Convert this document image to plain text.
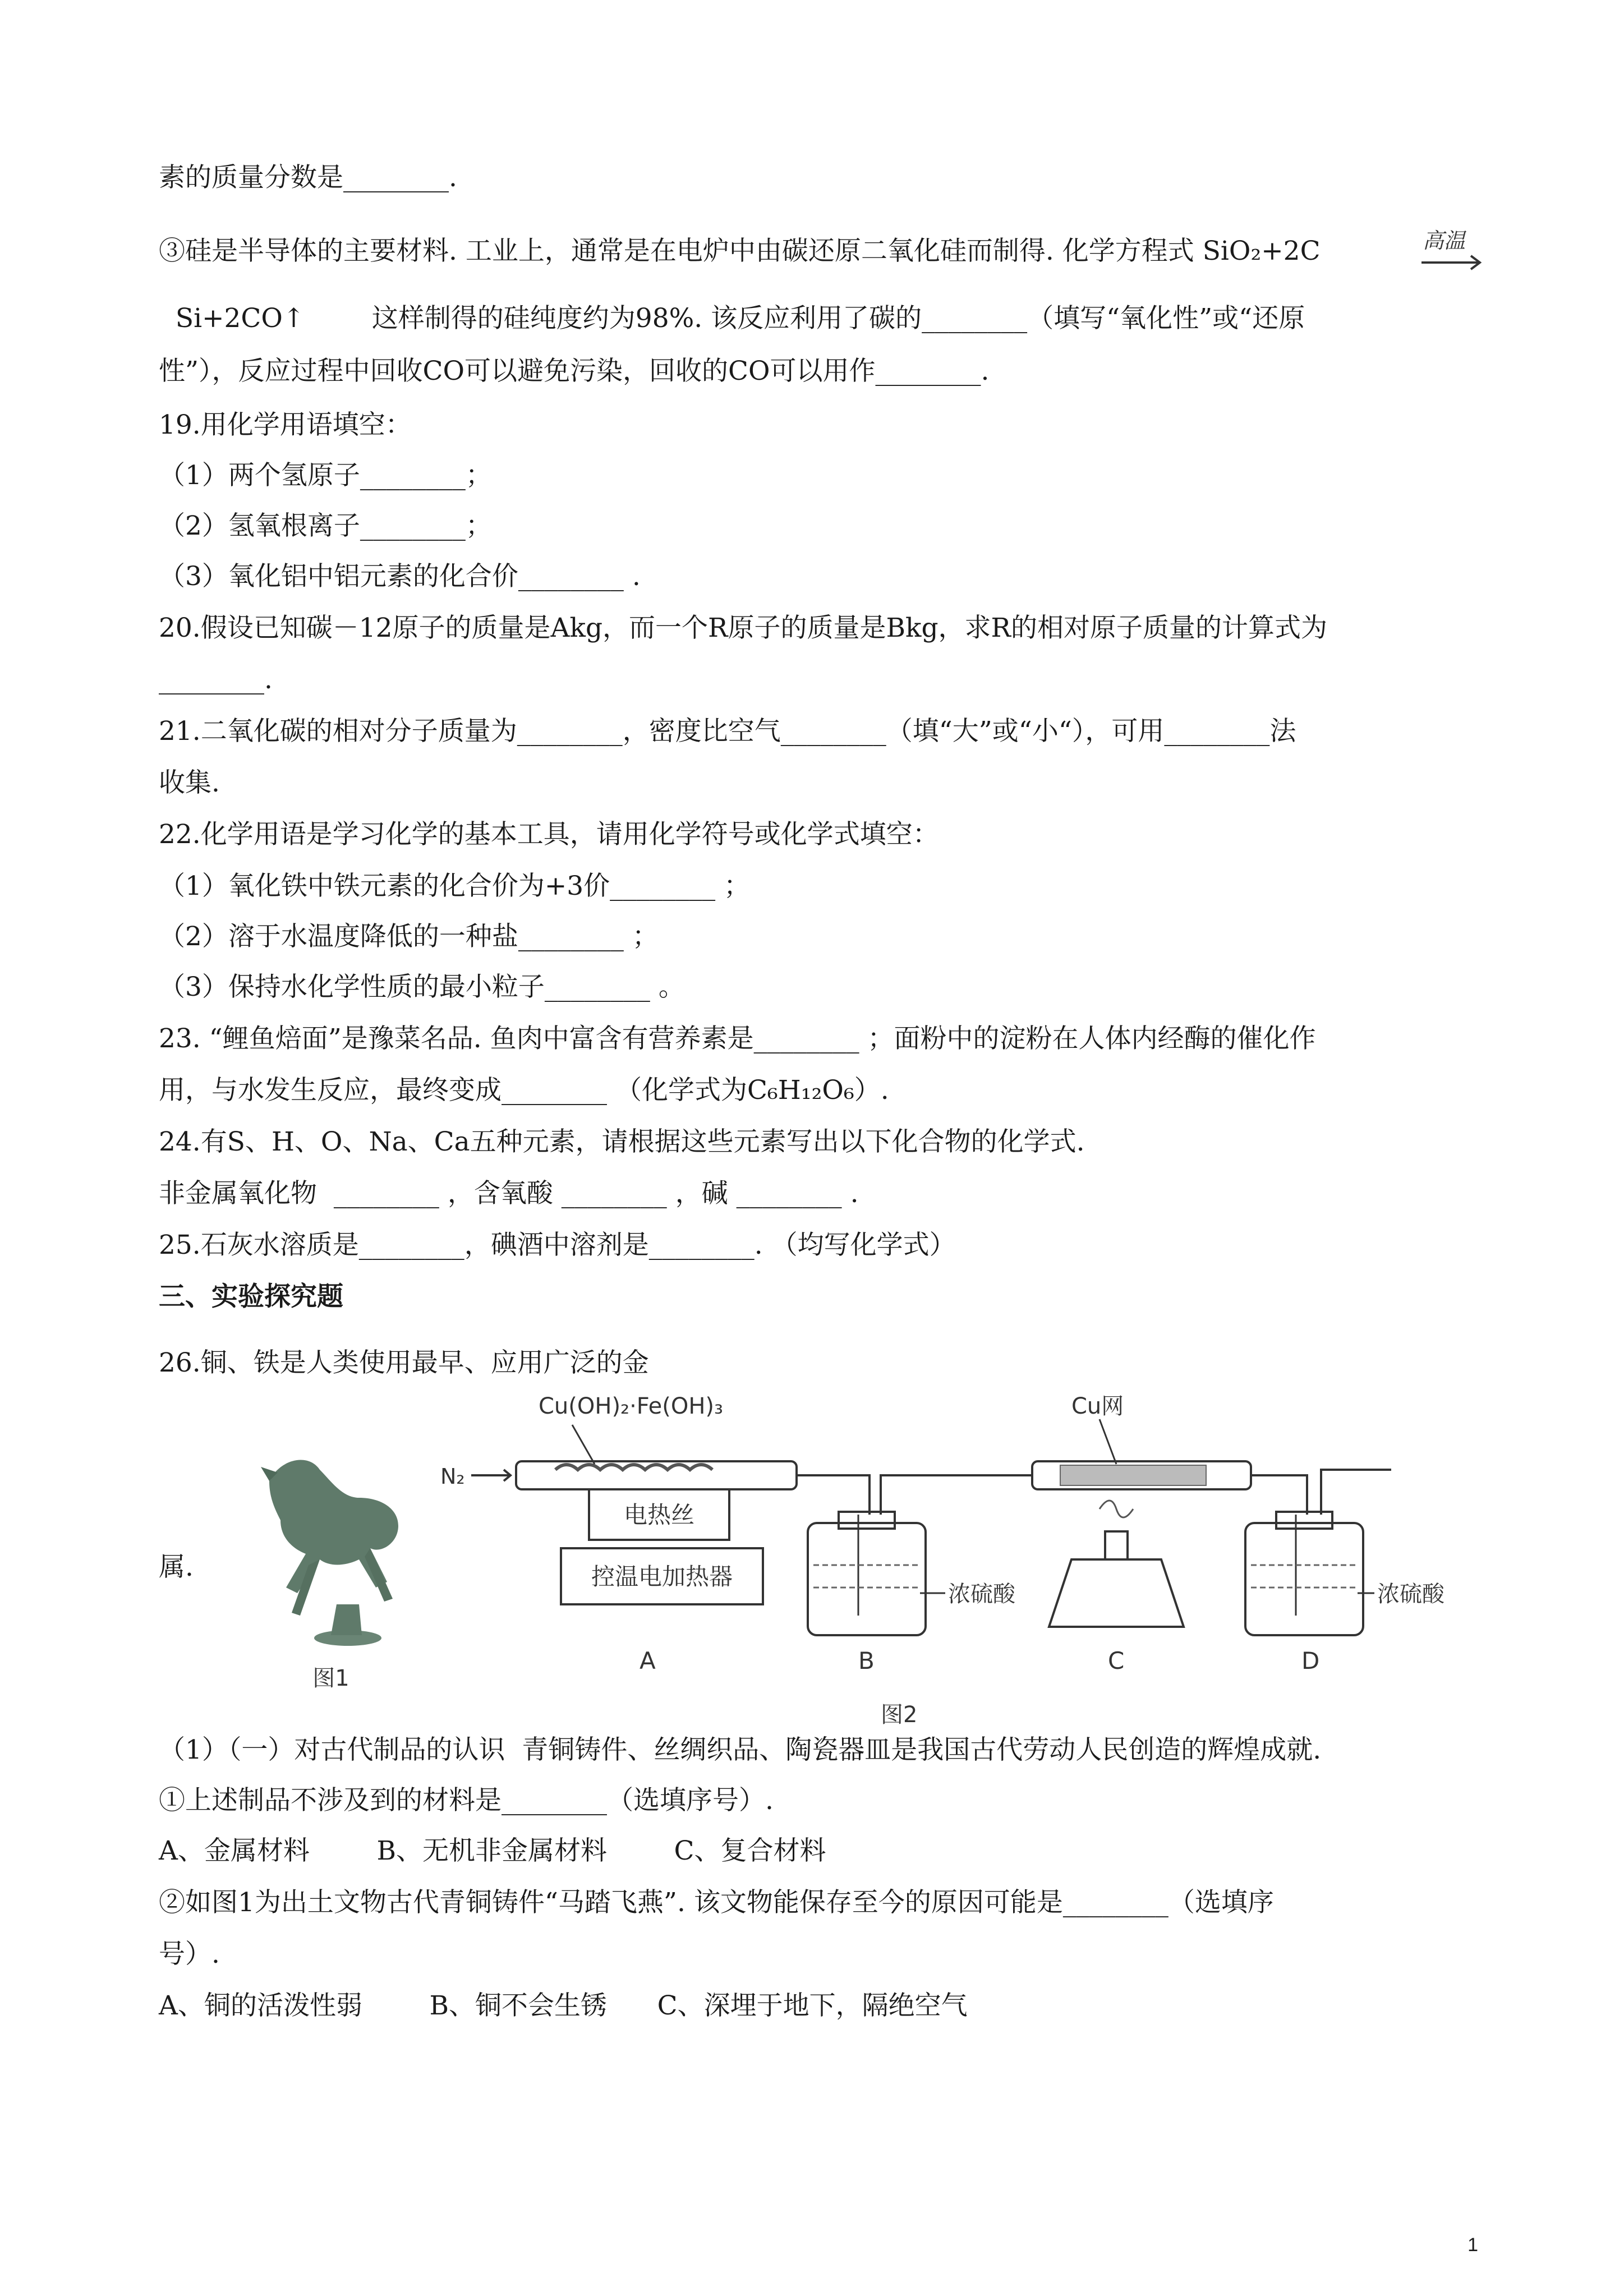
素的质量分数是________.
③硅是半导体的主要材料. 工业上，通常是在电炉中由碳还原二氧化硅而制得. 化学方程式 SiO₂+2C	高温
Si+2CO↑        这样制得的硅纯度约为98%. 该反应利用了碳的________（填写“氧化性”或“还原
性”），反应过程中回收CO可以避免污染，回收的CO可以用作________.
19.用化学用语填空：
（1）两个氢原子________；
（2）氢氧根离子________；
（3）氧化铝中铝元素的化合价________ .
20.假设已知碳－12原子的质量是Akg，而一个R原子的质量是Bkg，求R的相对原子质量的计算式为
________.
21.二氧化碳的相对分子质量为________，密度比空气________（填“大”或“小“），可用________法
收集.
22.化学用语是学习化学的基本工具，请用化学符号或化学式填空：
（1）氧化铁中铁元素的化合价为+3价________ ；
（2）溶于水温度降低的一种盐________ ；
（3）保持水化学性质的最小粒子________ 。
23. “鲤鱼焙面”是豫菜名品. 鱼肉中富含有营养素是________ ；面粉中的淀粉在人体内经酶的催化作
用，与水发生反应，最终变成________ （化学式为C₆H₁₂O₆）.
24.有S、H、O、Na、Ca五种元素，请根据这些元素写出以下化合物的化学式.
非金属氧化物  ________ ，含氧酸 ________ ，碱 ________ .
25.石灰水溶质是________，碘酒中溶剂是________. （均写化学式）
三、实验探究题
26.铜、铁是人类使用最早、应用广泛的金
属.
图1
Cu(OH)₂·Fe(OH)₃
N₂
电热丝
控温电加热器
A
浓硫酸
B
Cu网
C	D
浓硫酸
图2
（1）（一）对古代制品的认识  青铜铸件、丝绸织品、陶瓷器皿是我国古代劳动人民创造的辉煌成就.
①上述制品不涉及到的材料是________（选填序号）.
A、金属材料        B、无机非金属材料        C、复合材料
②如图1为出土文物古代青铜铸件“马踏飞燕”. 该文物能保存至今的原因可能是________（选填序
号）.
A、铜的活泼性弱        B、铜不会生锈      C、深埋于地下，隔绝空气
1
